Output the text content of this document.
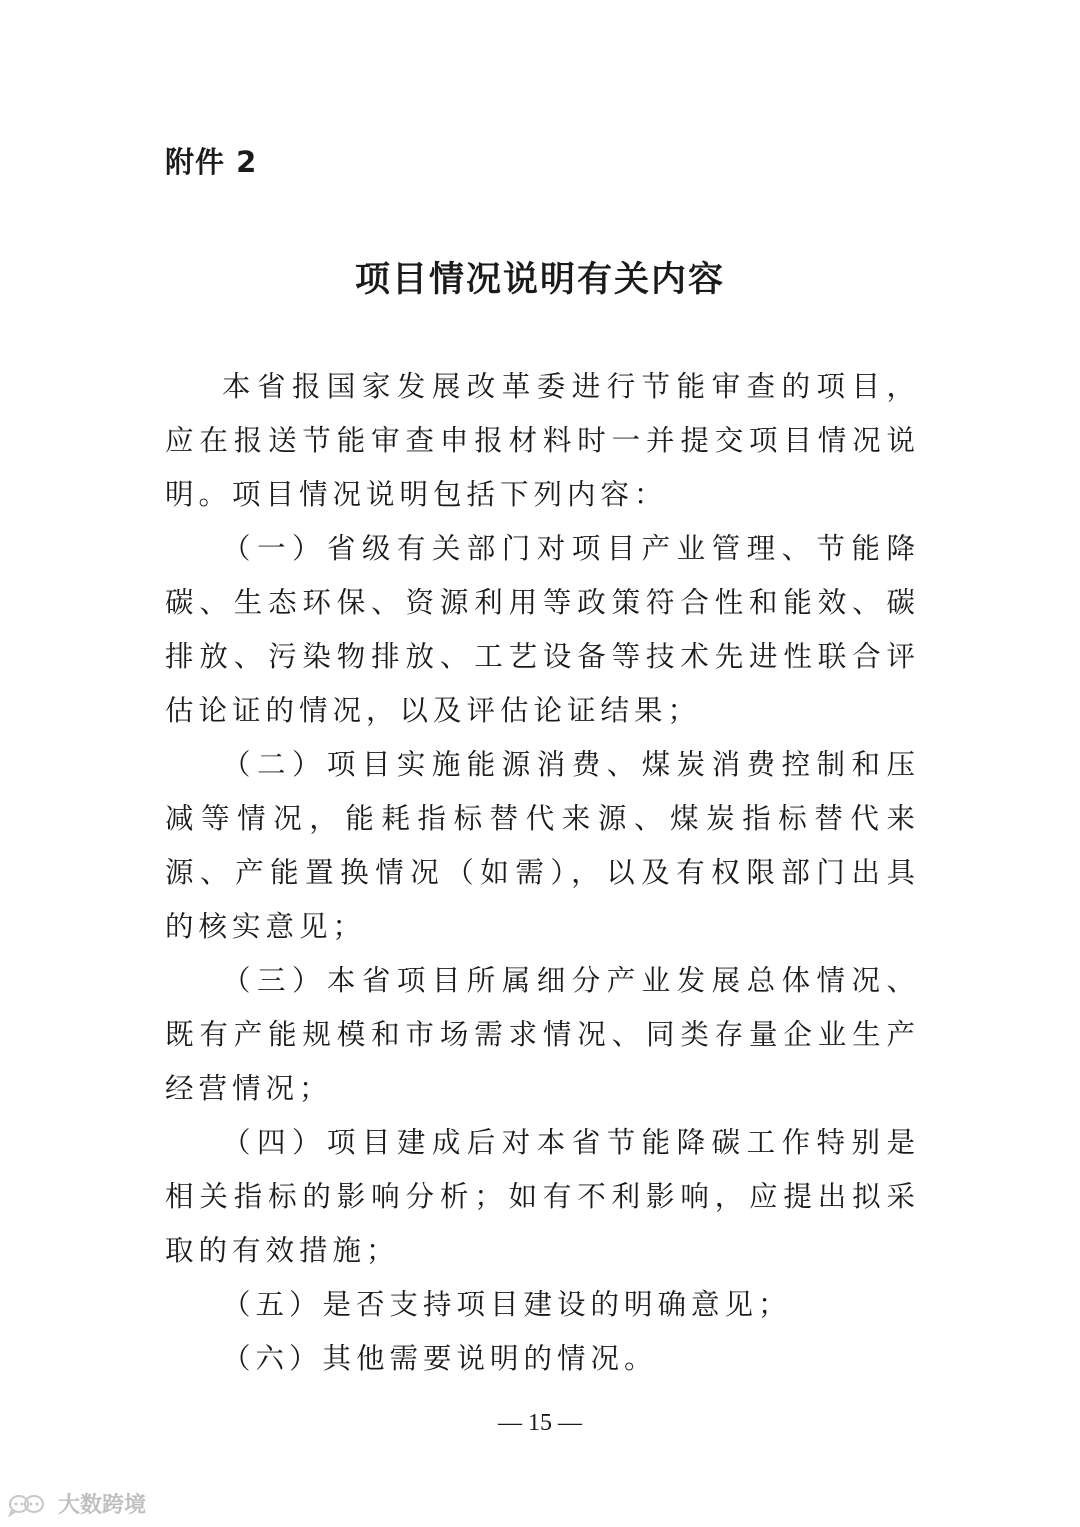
附件 2
项目情况说明有关内容

本省报国家发展改革委进行节能审查的项目，应在报送节能审查申报材料时一并提交项目情况说明。项目情况说明包括下列内容：

（一）省级有关部门对项目产业管理、节能降碳、生态环保、资源利用等政策符合性和能效、碳排放、污染物排放、工艺设备等技术先进性联合评估论证的情况，以及评估论证结果；

（二）项目实施能源消费、煤炭消费控制和压减等情况，能耗指标替代来源、煤炭指标替代来源、产能置换情况（如需），以及有权限部门出具的核实意见；

（三）本省项目所属细分产业发展总体情况、既有产能规模和市场需求情况、同类存量企业生产经营情况；

（四）项目建成后对本省节能降碳工作特别是相关指标的影响分析；如有不利影响，应提出拟采取的有效措施；

（五）是否支持项目建设的明确意见；

（六）其他需要说明的情况。

— 15 —
大数跨境
